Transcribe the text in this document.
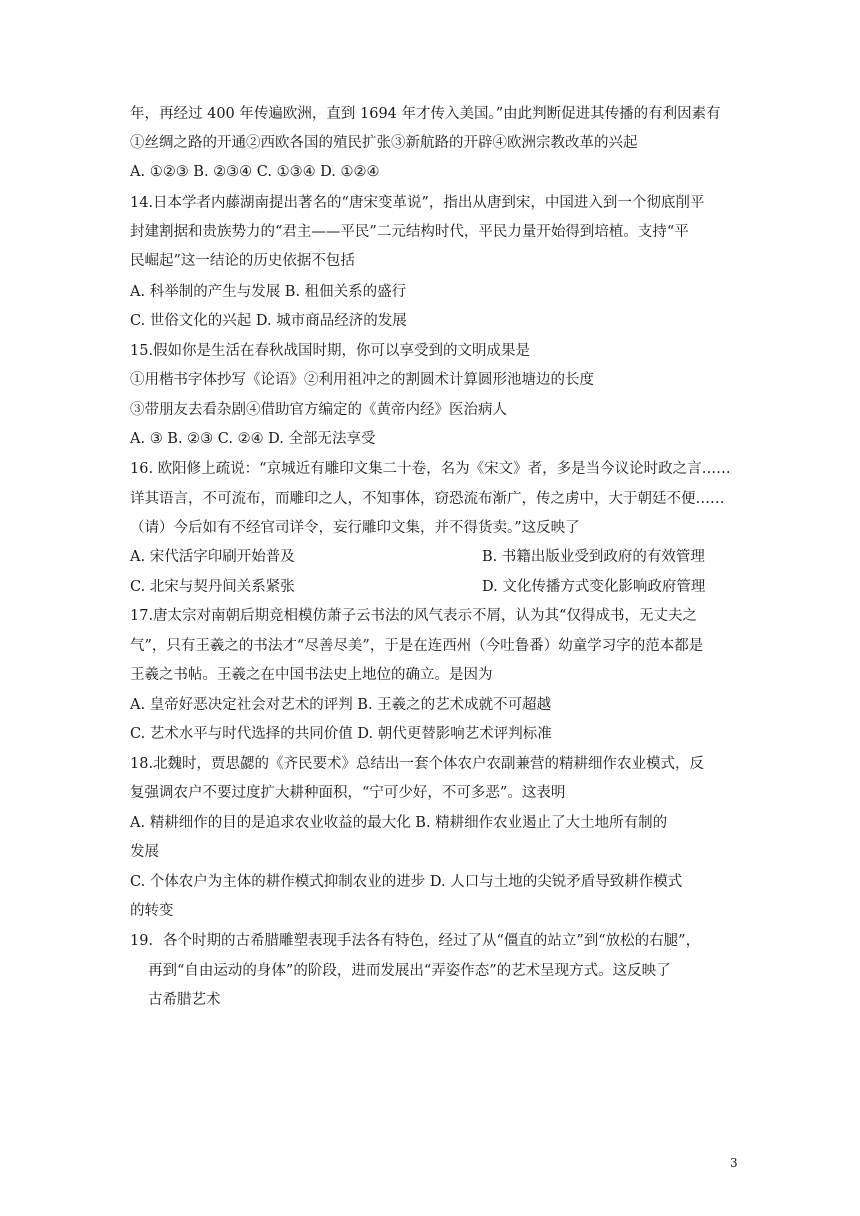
年，再经过 400 年传遍欧洲，直到 1694 年才传入美国。”由此判断促进其传播的有利因素有
①丝绸之路的开通②西欧各国的殖民扩张③新航路的开辟④欧洲宗教改革的兴起
A. ①②③ B. ②③④ C. ①③④ D. ①②④
14.日本学者内藤湖南提出著名的“唐宋变革说”，指出从唐到宋，中国进入到一个彻底削平
封建割据和贵族势力的“君主——平民”二元结构时代，平民力量开始得到培植。支持“平
民崛起”这一结论的历史依据不包括
A. 科举制的产生与发展 B. 租佃关系的盛行
C. 世俗文化的兴起 D. 城市商品经济的发展
15.假如你是生活在春秋战国时期，你可以享受到的文明成果是
①用楷书字体抄写《论语》②利用祖冲之的割圆术计算圆形池塘边的长度
③带朋友去看杂剧④借助官方编定的《黄帝内经》医治病人
A. ③ B. ②③ C. ②④ D. 全部无法享受
16. 欧阳修上疏说：“京城近有雕印文集二十卷，名为《宋文》者，多是当今议论时政之言……
详其语言，不可流布，而雕印之人，不知事体，窃恐流布渐广，传之虏中，大于朝廷不便……
（请）今后如有不经官司详令，妄行雕印文集，并不得货卖。”这反映了
A. 宋代活字印刷开始普及	B. 书籍出版业受到政府的有效管理
C. 北宋与契丹间关系紧张	D. 文化传播方式变化影响政府管理
17.唐太宗对南朝后期竞相模仿萧子云书法的风气表示不屑，认为其“仅得成书，无丈夫之
气”，只有王羲之的书法才“尽善尽美”，于是在连西州（今吐鲁番）幼童学习字的范本都是
王羲之书帖。王羲之在中国书法史上地位的确立。是因为
A. 皇帝好恶决定社会对艺术的评判 B. 王羲之的艺术成就不可超越
C. 艺术水平与时代选择的共同价值 D. 朝代更替影响艺术评判标准
18.北魏时，贾思勰的《齐民要术》总结出一套个体农户农副兼营的精耕细作农业模式，反
复强调农户不要过度扩大耕种面积，“宁可少好，不可多恶”。这表明
A. 精耕细作的目的是追求农业收益的最大化 B. 精耕细作农业遏止了大土地所有制的
发展
C. 个体农户为主体的耕作模式抑制农业的进步 D. 人口与土地的尖锐矛盾导致耕作模式
的转变
19．各个时期的古希腊雕塑表现手法各有特色，经过了从“僵直的站立”到“放松的右腿”，
再到“自由运动的身体”的阶段，进而发展出“弄姿作态”的艺术呈现方式。这反映了
古希腊艺术
3
